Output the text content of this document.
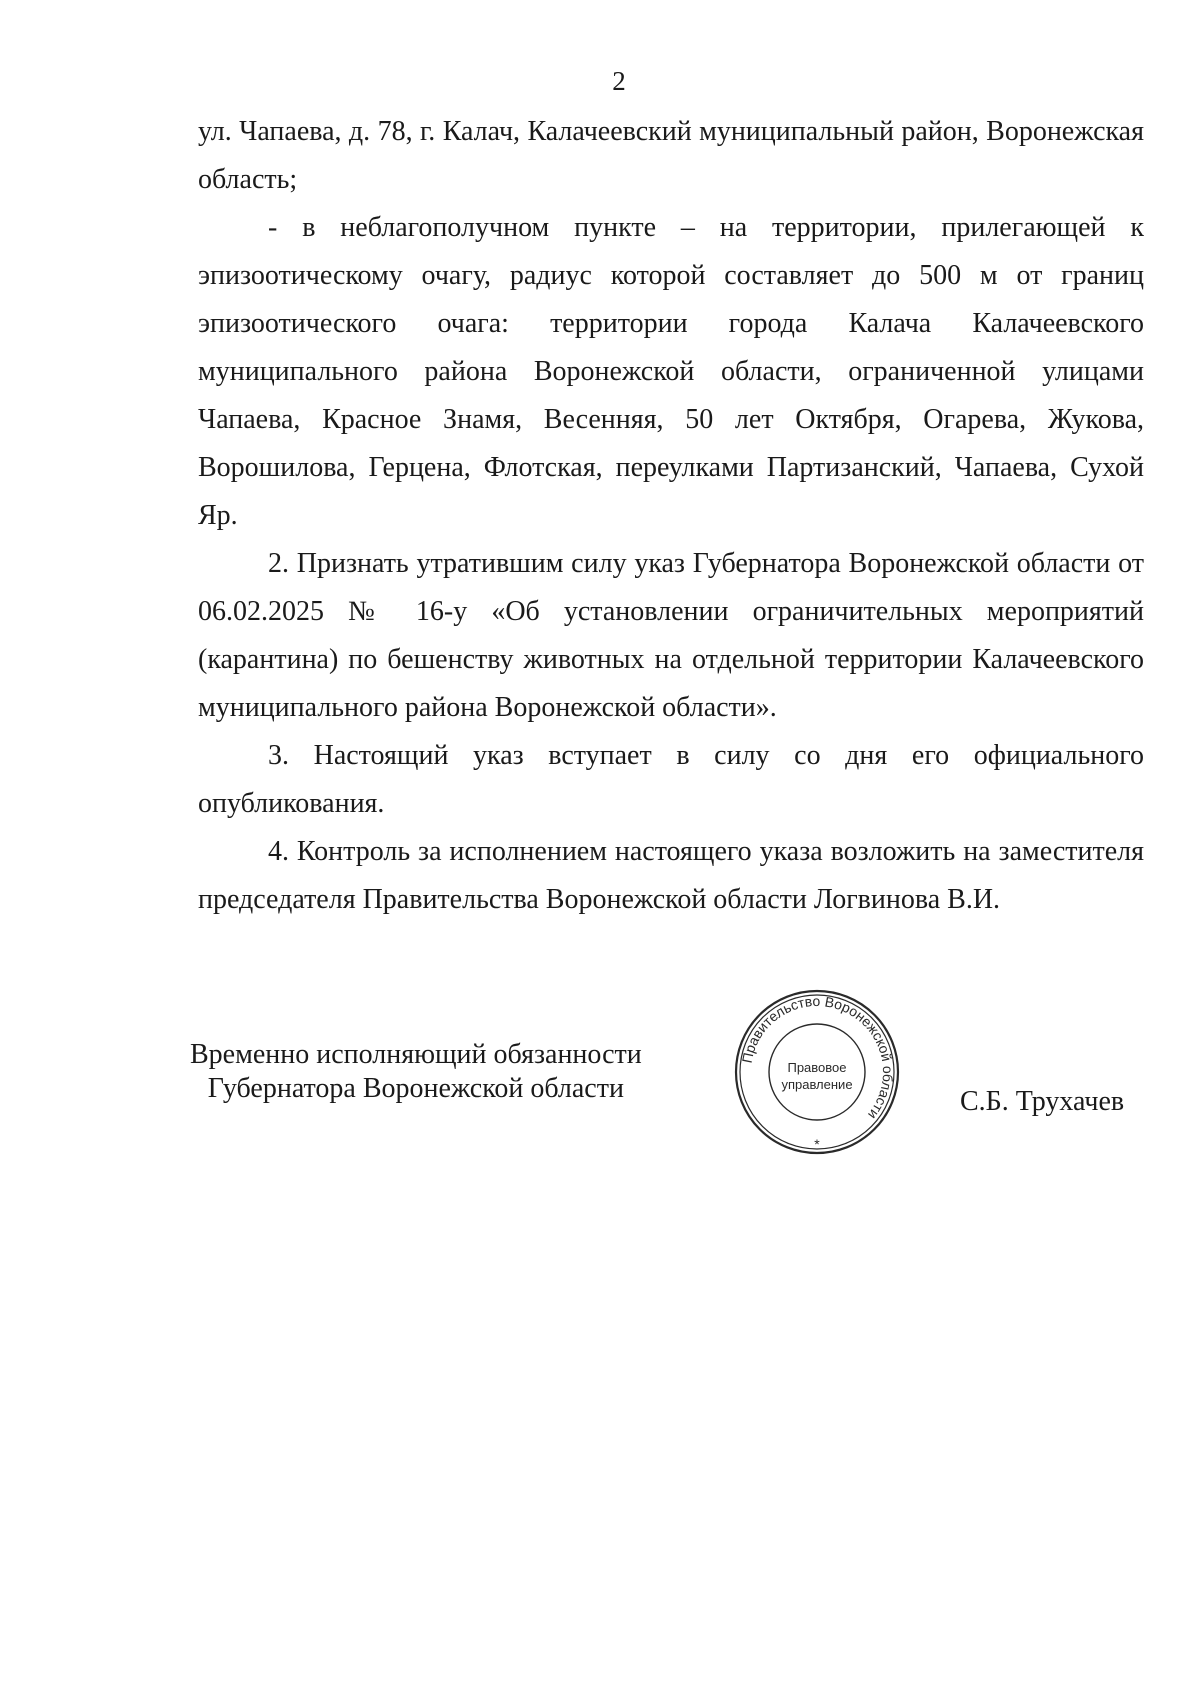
2

ул. Чапаева, д. 78, г. Калач, Калачеевский муниципальный район, Воронежская область;

- в неблагополучном пункте – на территории, прилегающей к эпизоотическому очагу, радиус которой составляет до 500 м от границ эпизоотического очага: территории города Калача Калачеевского муниципального района Воронежской области, ограниченной улицами Чапаева, Красное Знамя, Весенняя, 50 лет Октября, Огарева, Жукова, Ворошилова, Герцена, Флотская, переулками Партизанский, Чапаева, Сухой Яр.

2. Признать утратившим силу указ Губернатора Воронежской области от 06.02.2025 № 16-у «Об установлении ограничительных мероприятий (карантина) по бешенству животных на отдельной территории Калачеевского муниципального района Воронежской области».

3. Настоящий указ вступает в силу со дня его официального опубликования.

4. Контроль за исполнением настоящего указа возложить на заместителя председателя Правительства Воронежской области Логвинова В.И.

Временно исполняющий обязанности
Губернатора Воронежской области
Правительство Воронежской области
Правовое
управление
*
С.Б. Трухачев
